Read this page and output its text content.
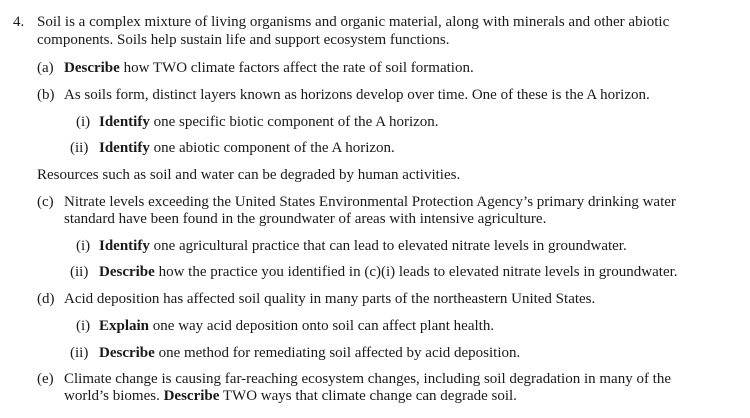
4. Soil is a complex mixture of living organisms and organic material, along with minerals and other abiotic
components. Soils help sustain life and support ecosystem functions.
(a) Describe how TWO climate factors affect the rate of soil formation.
(b) As soils form, distinct layers known as horizons develop over time. One of these is the A horizon.
(i) Identify one specific biotic component of the A horizon.
(ii) Identify one abiotic component of the A horizon.
Resources such as soil and water can be degraded by human activities.
(c) Nitrate levels exceeding the United States Environmental Protection Agency’s primary drinking water
standard have been found in the groundwater of areas with intensive agriculture.
(i) Identify one agricultural practice that can lead to elevated nitrate levels in groundwater.
(ii) Describe how the practice you identified in (c)(i) leads to elevated nitrate levels in groundwater.
(d) Acid deposition has affected soil quality in many parts of the northeastern United States.
(i) Explain one way acid deposition onto soil can affect plant health.
(ii) Describe one method for remediating soil affected by acid deposition.
(e) Climate change is causing far-reaching ecosystem changes, including soil degradation in many of the
world’s biomes. Describe TWO ways that climate change can degrade soil.
